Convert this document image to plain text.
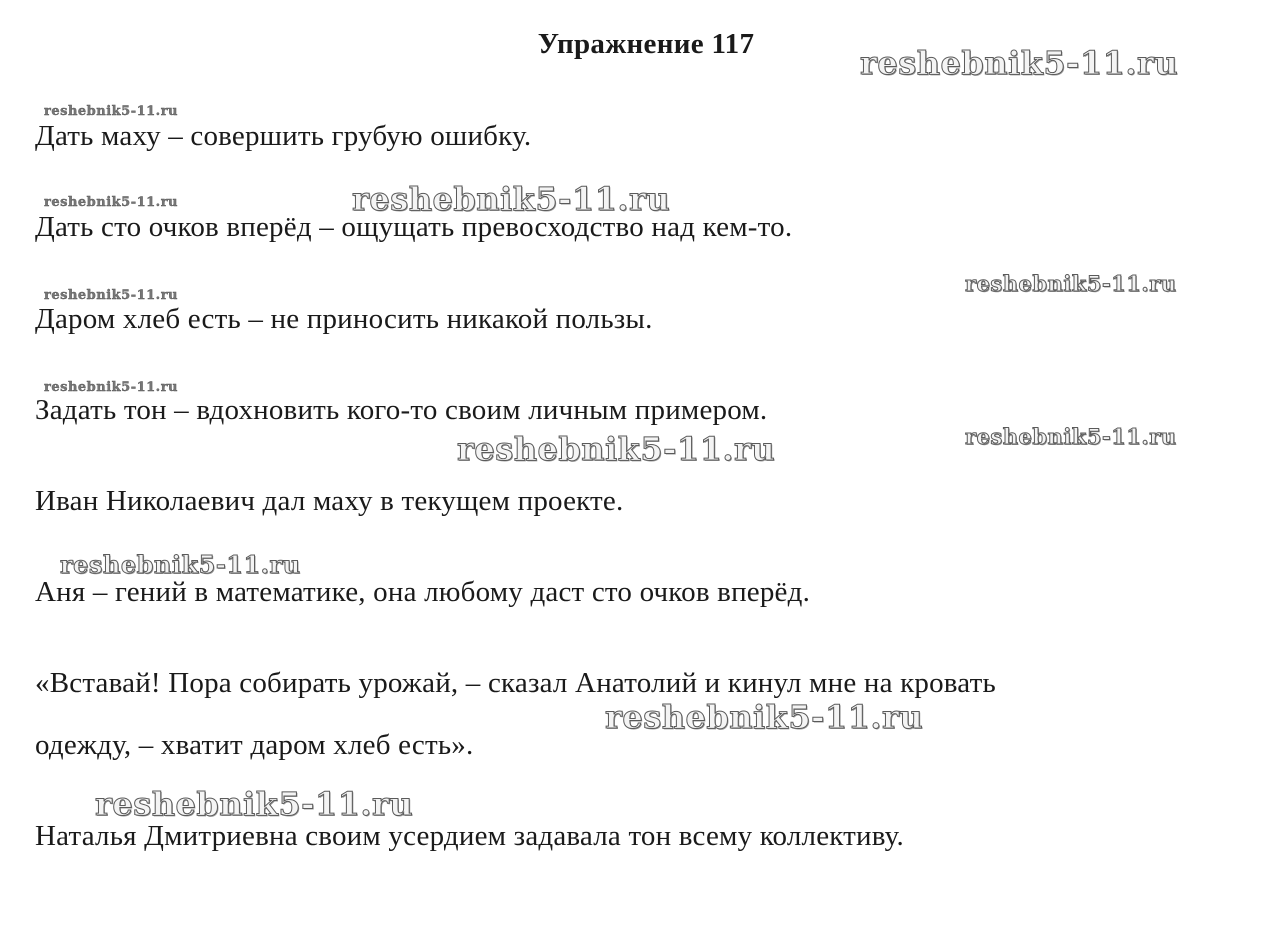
Упражнение 117	reshebnik5-11.ru
reshebnik5-11.ru
reshebnik5-11.ru	reshebnik5-11.ru
reshebnik5-11.ru
reshebnik5-11.ru
reshebnik5-11.ru
reshebnik5-11.ru
reshebnik5-11.ru
reshebnik5-11.ru
reshebnik5-11.ru
reshebnik5-11.ru
Дать маху – совершить грубую ошибку.
Дать сто очков вперёд – ощущать превосходство над кем-то.
Даром хлеб есть – не приносить никакой пользы.
Задать тон – вдохновить кого-то своим личным примером.
Иван Николаевич дал маху в текущем проекте.
Аня – гений в математике, она любому даст сто очков вперёд.
«Вставай! Пора собирать урожай, – сказал Анатолий и кинул мне на кровать
одежду, – хватит даром хлеб есть».
Наталья Дмитриевна своим усердием задавала тон всему коллективу.
